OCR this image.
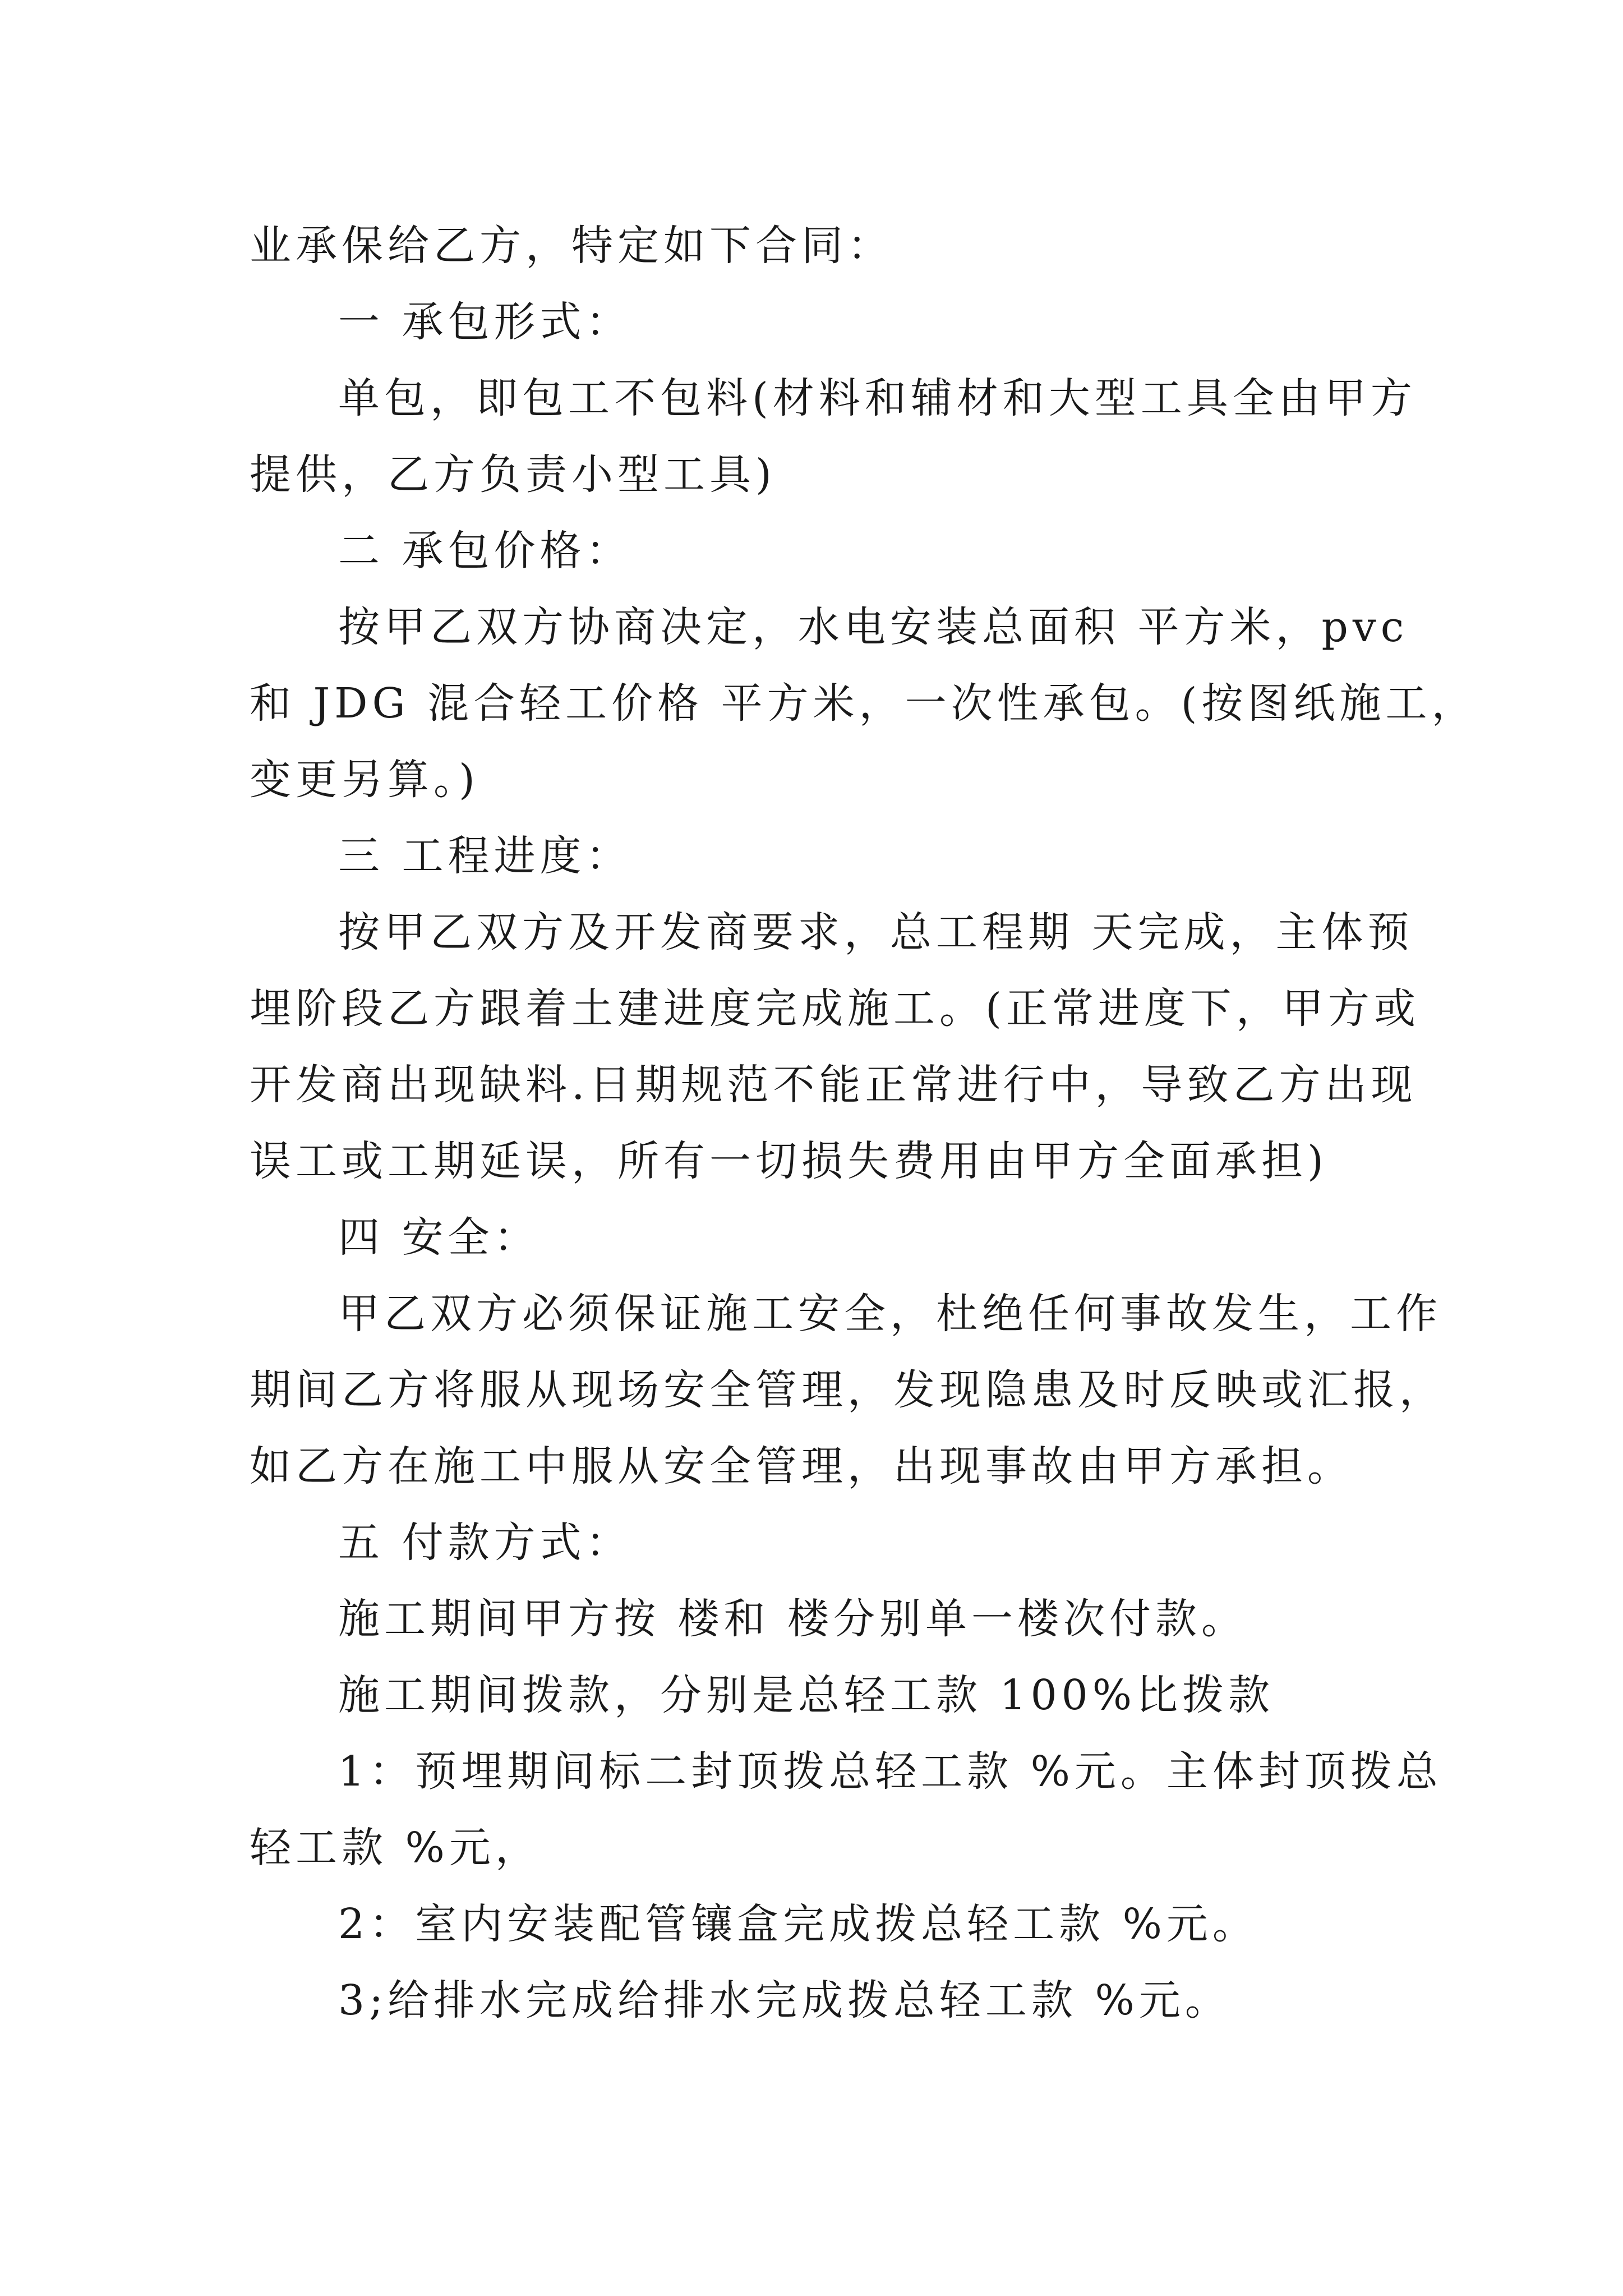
业承保给乙方，特定如下合同：
一 承包形式：
单包，即包工不包料(材料和辅材和大型工具全由甲方
提供，乙方负责小型工具)
二 承包价格：
按甲乙双方协商决定，水电安装总面积 平方米，pvc
和 JDG 混合轻工价格 平方米，一次性承包。(按图纸施工，
变更另算。)
三 工程进度：
按甲乙双方及开发商要求，总工程期 天完成，主体预
埋阶段乙方跟着土建进度完成施工。(正常进度下，甲方或
开发商出现缺料.日期规范不能正常进行中，导致乙方出现
误工或工期延误，所有一切损失费用由甲方全面承担)
四 安全：
甲乙双方必须保证施工安全，杜绝任何事故发生，工作
期间乙方将服从现场安全管理，发现隐患及时反映或汇报，
如乙方在施工中服从安全管理，出现事故由甲方承担。
五 付款方式：
施工期间甲方按 楼和 楼分别单一楼次付款。
施工期间拨款，分别是总轻工款 100%比拨款
1：预埋期间标二封顶拨总轻工款 %元。主体封顶拨总
轻工款 %元，
2：室内安装配管镶盒完成拨总轻工款 %元。
3;给排水完成给排水完成拨总轻工款 %元。
